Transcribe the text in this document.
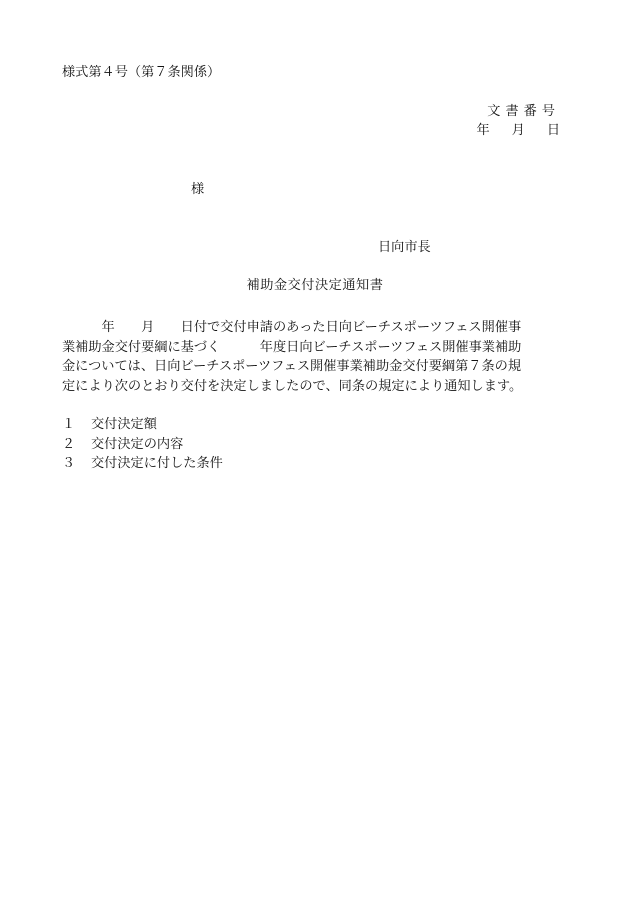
様式第４号（第７条関係）
文書番号
年 月 日
様
日向市長
補助金交付決定通知書
　　　年　　月　　日付で交付申請のあった日向ビーチスポーツフェス開催事
業補助金交付要綱に基づく　　　年度日向ビーチスポーツフェス開催事業補助
金については、日向ビーチスポーツフェス開催事業補助金交付要綱第７条の規
定により次のとおり交付を決定しましたので、同条の規定により通知します。
１ 交付決定額
２ 交付決定の内容
３ 交付決定に付した条件
